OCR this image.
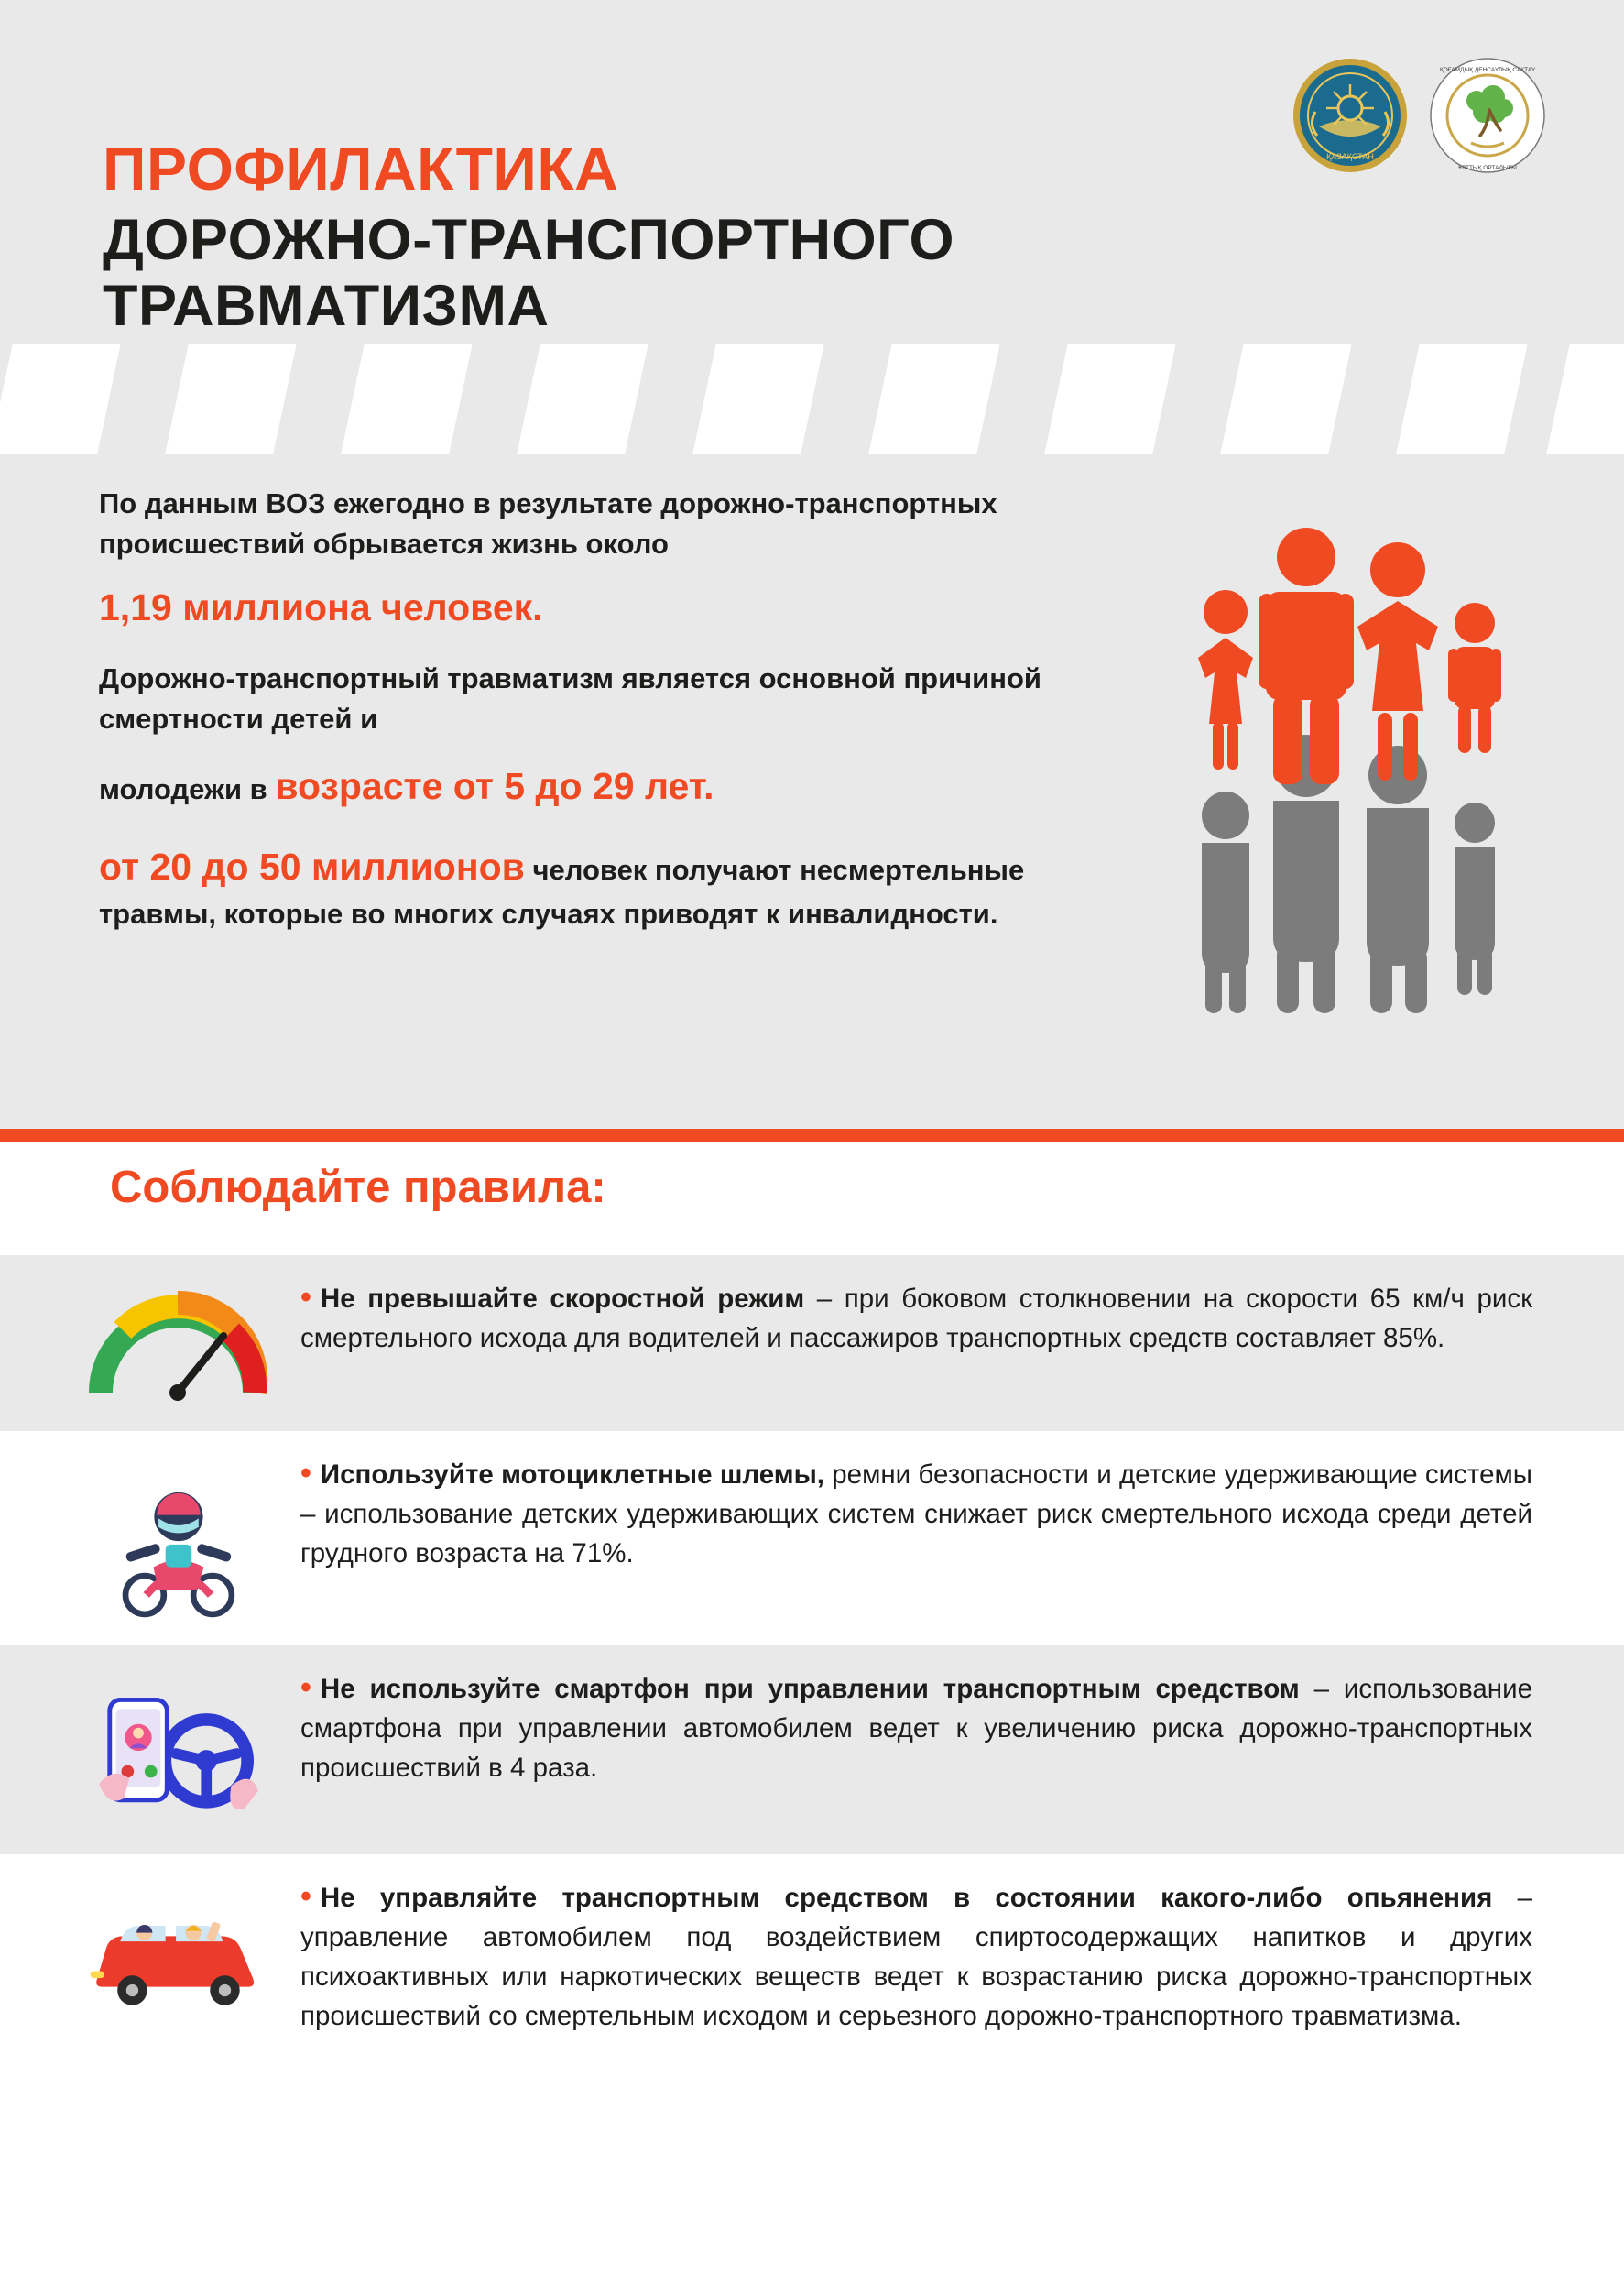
ҚАЗАҚСТАН
ҚОҒАМДЫҚ ДЕНСАУЛЫҚ САҚТАУ
ҰЛТТЫҚ ОРТАЛЫҒЫ
ПРОФИЛАКТИКА
ДОРОЖНО-ТРАНСПОРТНОГО
ТРАВМАТИЗМА

По данным ВОЗ ежегодно в результате дорожно-транспортных происшествий обрывается жизнь около

1,19 миллиона человек.

Дорожно-транспортный травматизм является основной причиной смертности детей и

молодежи в возрасте от 5 до 29 лет.

от 20 до 50 миллионов человек получают несмертельные травмы, которые во многих случаях приводят к инвалидности.

Соблюдайте правила:
• Не превышайте скоростной режим – при боковом столкновении на скорости 65 км/ч риск смертельного исхода для водителей и пассажиров транспортных средств составляет 85%.
• Используйте мотоциклетные шлемы, ремни безопасности и детские удерживающие системы – использование детских удерживающих систем снижает риск смертельного исхода среди детей грудного возраста на 71%.
• Не используйте смартфон при управлении транспортным средством – использование смартфона при управлении автомобилем ведет к увеличению риска дорожно-транспортных происшествий в 4 раза.
• Не управляйте транспортным средством в состоянии какого-либо опьянения – управление автомобилем под воздействием спиртосодержащих напитков и других психоактивных или наркотических веществ ведет к возрастанию риска дорожно-транспортных происшествий со смертельным исходом и серьезного дорожно-транспортного травматизма.
